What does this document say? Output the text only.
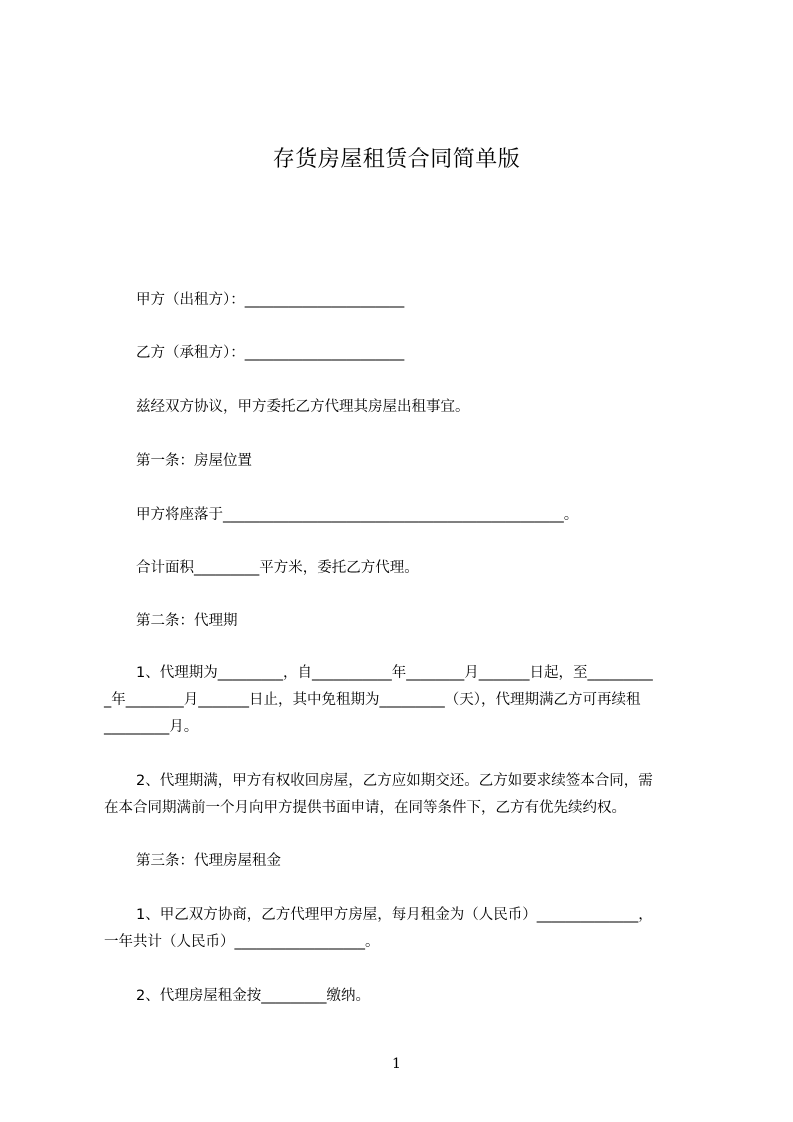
存货房屋租赁合同简单版
甲方（出租方）：______________________
乙方（承租方）：______________________
兹经双方协议，甲方委托乙方代理其房屋出租事宜。
第一条：房屋位置
甲方将座落于_______________________________________________。
合计面积_________平方米，委托乙方代理。
第二条：代理期
1、代理期为_________，自___________年________月_______日起，至_________
_年________月_______日止，其中免租期为_________（天），代理期满乙方可再续租
_________月。
2、代理期满，甲方有权收回房屋，乙方应如期交还。乙方如要求续签本合同，需
在本合同期满前一个月向甲方提供书面申请，在同等条件下，乙方有优先续约权。
第三条：代理房屋租金
1、甲乙双方协商，乙方代理甲方房屋，每月租金为（人民币）______________，
一年共计（人民币）__________________。
2、代理房屋租金按_________缴纳。
1
